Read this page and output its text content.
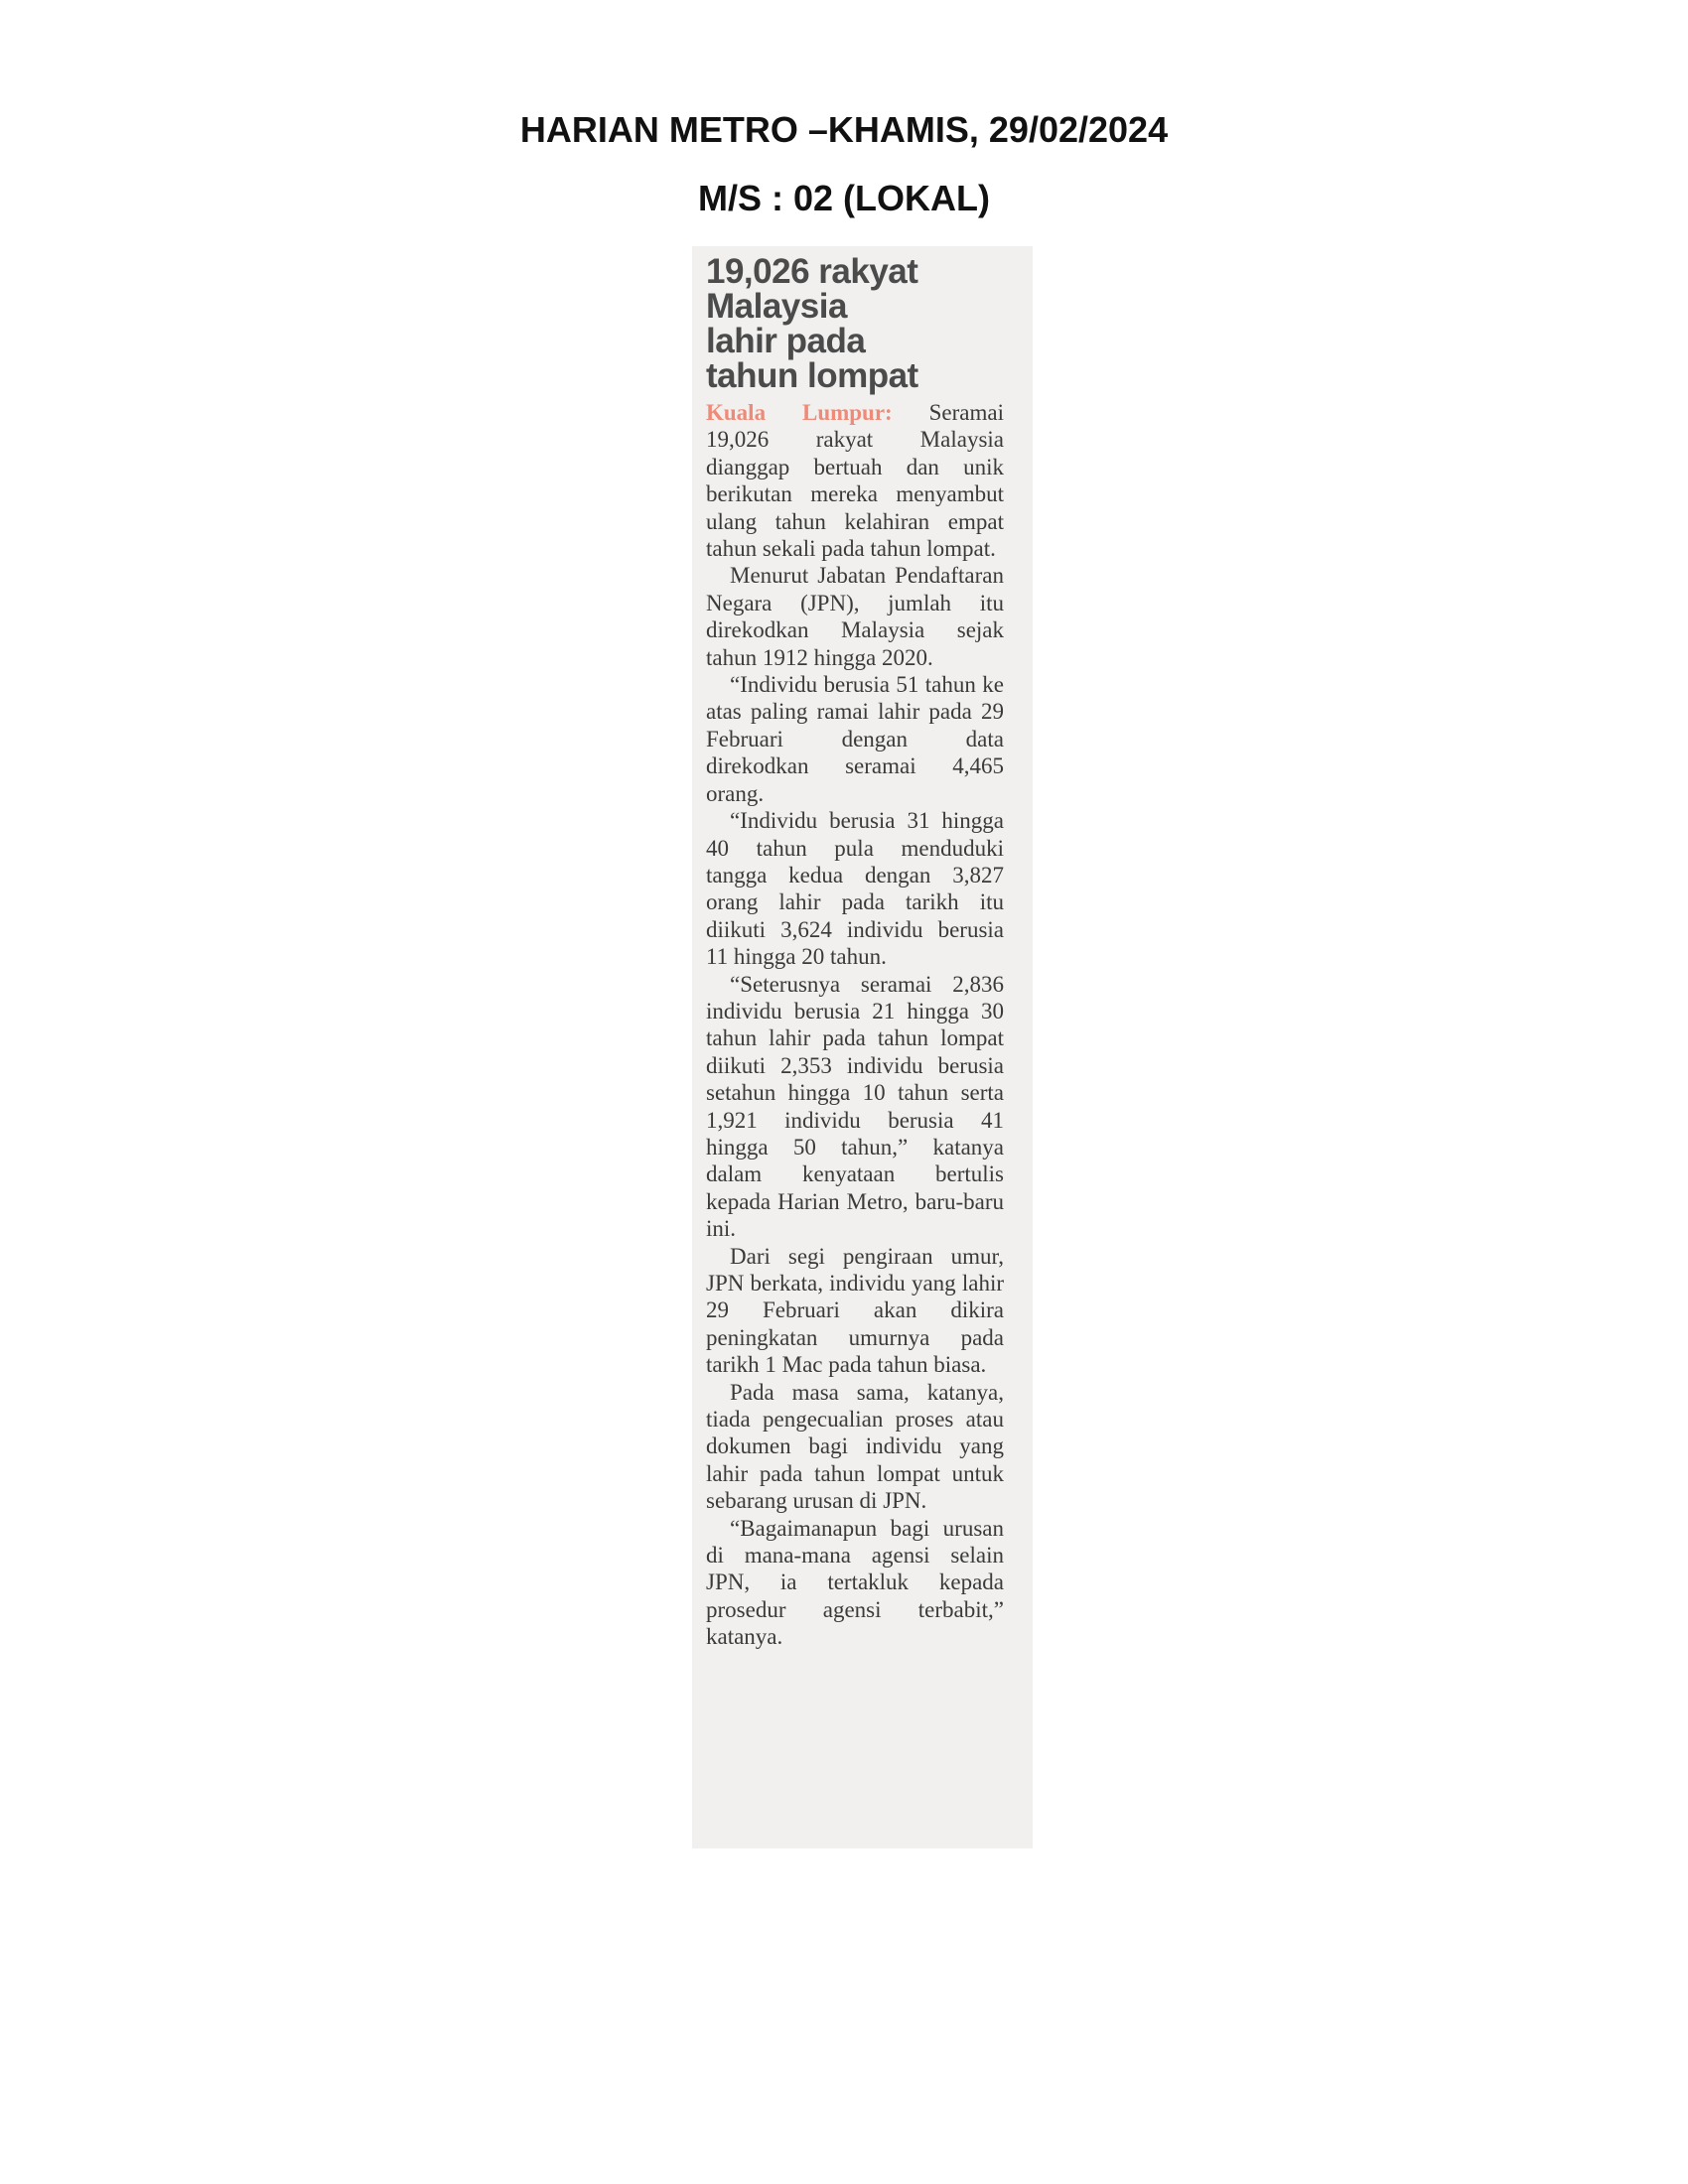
HARIAN METRO –KHAMIS, 29/02/2024
M/S : 02 (LOKAL)
19,026 rakyat
Malaysia
lahir pada
tahun lompat

Kuala Lumpur: Seramai 19,026 rakyat Malaysia dianggap bertuah dan unik berikutan mereka menyambut ulang tahun kelahiran empat tahun sekali pada tahun lompat.

Menurut Jabatan Pendaftaran Negara (JPN), jumlah itu direkodkan Malaysia sejak tahun 1912 hingga 2020.

“Individu berusia 51 tahun ke atas paling ramai lahir pada 29 Februari dengan data direkodkan seramai 4,465 orang.

“Individu berusia 31 hingga 40 tahun pula menduduki tangga kedua dengan 3,827 orang lahir pada tarikh itu diikuti 3,624 individu berusia 11 hingga 20 tahun.

“Seterusnya seramai 2,836 individu berusia 21 hingga 30 tahun lahir pada tahun lompat diikuti 2,353 individu berusia setahun hingga 10 tahun serta 1,921 individu berusia 41 hingga 50 tahun,” katanya dalam kenyataan bertulis kepada Harian Metro, baru-baru ini.

Dari segi pengiraan umur, JPN berkata, individu yang lahir 29 Februari akan dikira peningkatan umurnya pada tarikh 1 Mac pada tahun biasa.

Pada masa sama, katanya, tiada pengecualian proses atau dokumen bagi individu yang lahir pada tahun lompat untuk sebarang urusan di JPN.

“Bagaimanapun bagi urusan di mana-mana agensi selain JPN, ia tertakluk kepada prosedur agensi terbabit,” katanya.
